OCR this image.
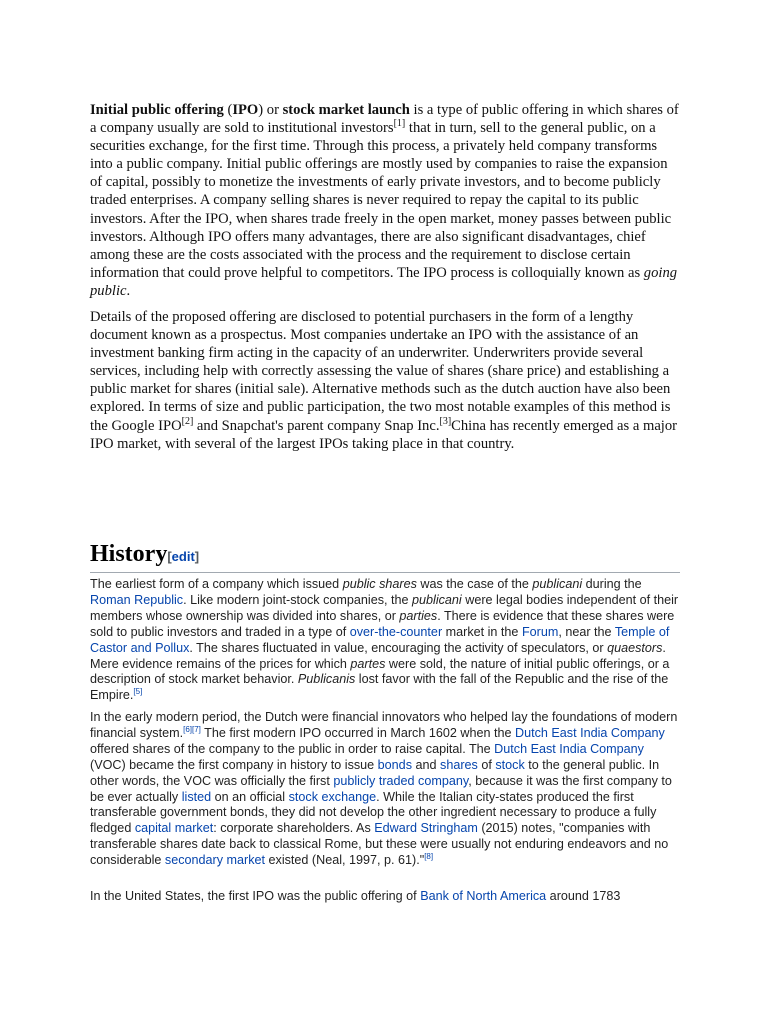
Initial public offering (IPO) or stock market launch is a type of public offering in which shares of a company usually are sold to institutional investors[1] that in turn, sell to the general public, on a securities exchange, for the first time. Through this process, a privately held company transforms into a public company. Initial public offerings are mostly used by companies to raise the expansion of capital, possibly to monetize the investments of early private investors, and to become publicly traded enterprises. A company selling shares is never required to repay the capital to its public investors. After the IPO, when shares trade freely in the open market, money passes between public investors. Although IPO offers many advantages, there are also significant disadvantages, chief among these are the costs associated with the process and the requirement to disclose certain information that could prove helpful to competitors. The IPO process is colloquially known as going public.

Details of the proposed offering are disclosed to potential purchasers in the form of a lengthy document known as a prospectus. Most companies undertake an IPO with the assistance of an investment banking firm acting in the capacity of an underwriter. Underwriters provide several services, including help with correctly assessing the value of shares (share price) and establishing a public market for shares (initial sale). Alternative methods such as the dutch auction have also been explored. In terms of size and public participation, the two most notable examples of this method is the Google IPO[2] and Snapchat's parent company Snap Inc.[3]China has recently emerged as a major IPO market, with several of the largest IPOs taking place in that country.

History[edit]

The earliest form of a company which issued public shares was the case of the publicani during the Roman Republic. Like modern joint-stock companies, the publicani were legal bodies independent of their members whose ownership was divided into shares, or parties. There is evidence that these shares were sold to public investors and traded in a type of over-the-counter market in the Forum, near the Temple of Castor and Pollux. The shares fluctuated in value, encouraging the activity of speculators, or quaestors. Mere evidence remains of the prices for which partes were sold, the nature of initial public offerings, or a description of stock market behavior. Publicanis lost favor with the fall of the Republic and the rise of the Empire.[5]

In the early modern period, the Dutch were financial innovators who helped lay the foundations of modern financial system.[6][7] The first modern IPO occurred in March 1602 when the Dutch East India Company offered shares of the company to the public in order to raise capital. The Dutch East India Company (VOC) became the first company in history to issue bonds and shares of stock to the general public. In other words, the VOC was officially the first publicly traded company, because it was the first company to be ever actually listed on an official stock exchange. While the Italian city-states produced the first transferable government bonds, they did not develop the other ingredient necessary to produce a fully fledged capital market: corporate shareholders. As Edward Stringham (2015) notes, "companies with transferable shares date back to classical Rome, but these were usually not enduring endeavors and no considerable secondary market existed (Neal, 1997, p. 61)."[8]

In the United States, the first IPO was the public offering of Bank of North America around 1783
